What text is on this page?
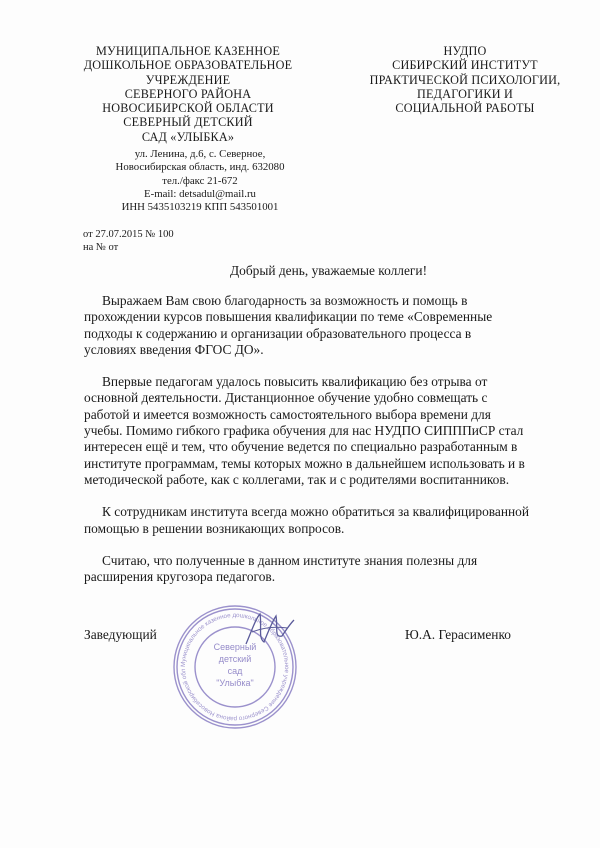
МУНИЦИПАЛЬНОЕ КАЗЕННОЕ
ДОШКОЛЬНОЕ ОБРАЗОВАТЕЛЬНОЕ
УЧРЕЖДЕНИЕ
СЕВЕРНОГО РАЙОНА
НОВОСИБИРСКОЙ ОБЛАСТИ
СЕВЕРНЫЙ ДЕТСКИЙ
САД «УЛЫБКА»
ул. Ленина, д.6, с. Северное,
Новосибирская область, инд. 632080
тел./факс 21-672
E-mail: detsadul@mail.ru
ИНН 5435103219 КПП 543501001
НУДПО
СИБИРСКИЙ ИНСТИТУТ
ПРАКТИЧЕСКОЙ ПСИХОЛОГИИ,
ПЕДАГОГИКИ И
СОЦИАЛЬНОЙ РАБОТЫ
от 27.07.2015 № 100
на № от
Добрый день, уважаемые коллеги!
Выражаем Вам свою благодарность за возможность и помощь в
прохождении курсов повышения квалификации по теме «Современные
подходы к содержанию и организации образовательного процесса в
условиях введения ФГОС ДО».
Впервые педагогам удалось повысить квалификацию без отрыва от
основной деятельности. Дистанционное обучение удобно совмещать с
работой и имеется возможность самостоятельного выбора времени для
учебы. Помимо гибкого графика обучения для нас НУДПО СИПППиСР стал
интересен ещё и тем, что обучение ведется по специально разработанным в
институте программам, темы которых можно в дальнейшем использовать и в
методической работе, как с коллегами, так и с родителями воспитанников.
К сотрудникам института всегда можно обратиться за квалифицированной
помощью в решении возникающих вопросов.
Считаю, что полученные в данном институте знания полезны для
расширения кругозора педагогов.
Муниципальное казенное дошкольное образовательное учреждение Северного района Новосибирской обл
Северный
детский
сад
"Улыбка"
Заведующий	Ю.А. Герасименко
